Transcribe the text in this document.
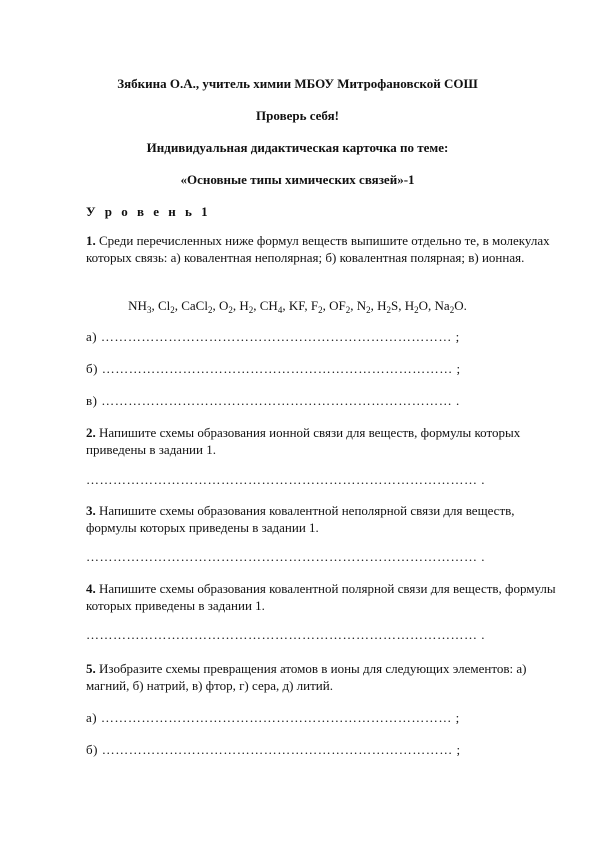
Зябкина О.А., учитель химии МБОУ Митрофановской СОШ
Проверь себя!
Индивидуальная дидактическая карточка по теме:
«Основные типы химических связей»-1
У р о в е н ь 1
1. Среди перечисленных ниже формул веществ выпишите отдельно те, в молекулах которых связь: а) ковалентная неполярная; б) ковалентная полярная; в) ионная.
$NH_3$, $Cl_2$, CaCl$_2$, $O_2$, $H_2$, $CH_4$, KF, $F_2$, $OF_2$, $N_2$, $H_2S$, $H_2O$, $Na_2O$.
а) …………………………………………………………………… ;
б) …………………………………………………………………… ;
в) …………………………………………………………………… .
2. Напишите схемы образования ионной связи для веществ, формулы которых приведены в задании 1.
…………………………………………………………………………… .
3. Напишите схемы образования ковалентной неполярной связи для веществ, формулы которых приведены в задании 1.
…………………………………………………………………………… .
4. Напишите схемы образования ковалентной полярной связи для веществ, формулы которых приведены в задании 1.
…………………………………………………………………………… .
5. Изобразите схемы превращения атомов в ионы для следующих элементов: а) магний, б) натрий, в) фтор, г) сера, д) литий.
а) …………………………………………………………………… ;
б) …………………………………………………………………… ;
